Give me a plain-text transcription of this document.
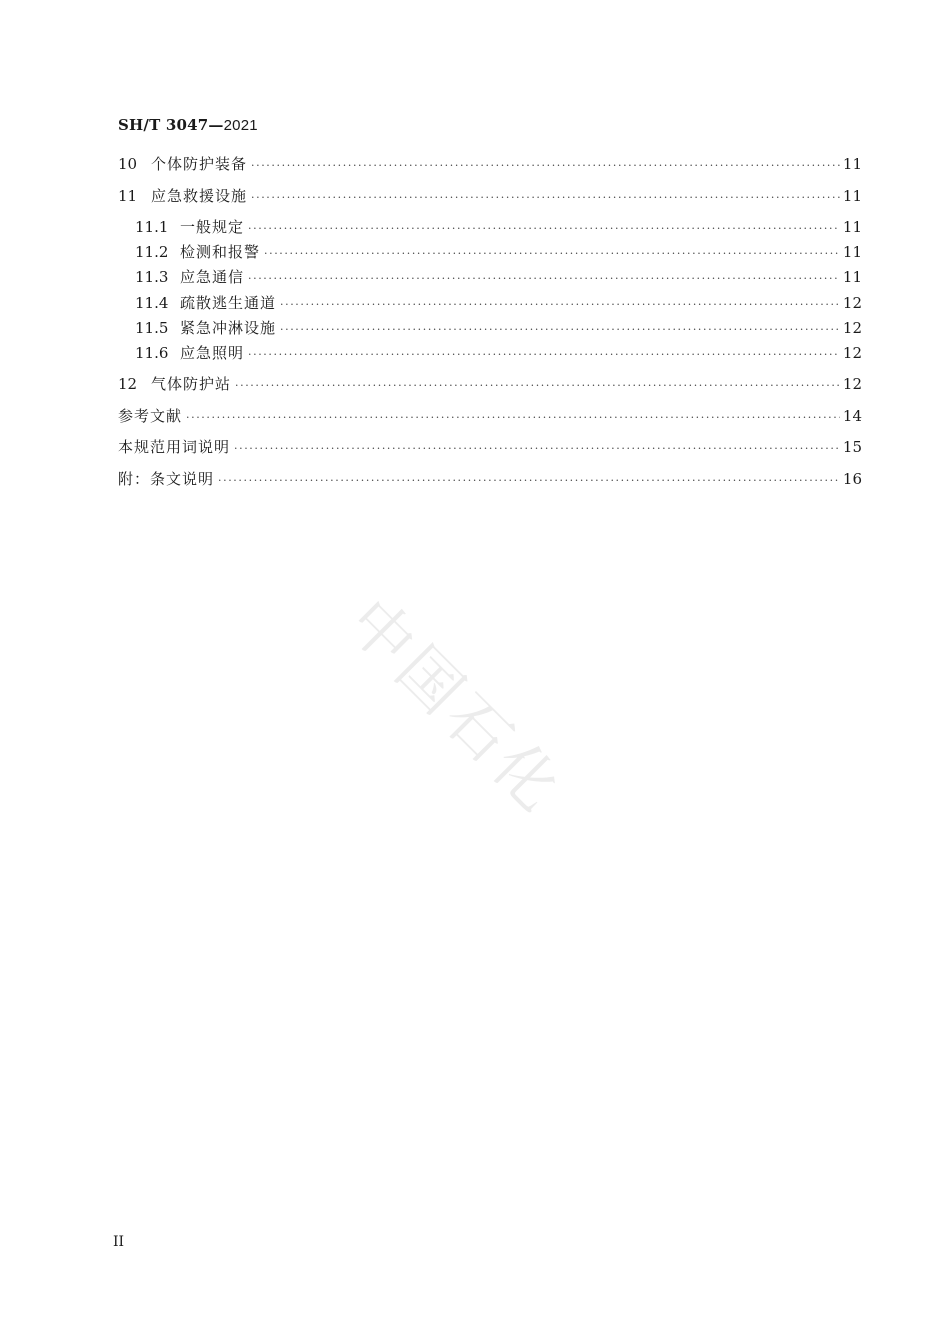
SH/T 3047—2021
10 个体防护装备 ·····	11
11 应急救援设施 ·····	11
11.1 一般规定 ·····	11
11.2 检测和报警 ·····	11
11.3 应急通信 ·····	11
11.4 疏散逃生通道 ·····	12
11.5 紧急冲淋设施 ·····	12
11.6 应急照明 ·····	12
12 气体防护站 ·····	12
参考文献 ·····	14
本规范用词说明 ·····	15
附：条文说明 ·····	16
中国石化
II
